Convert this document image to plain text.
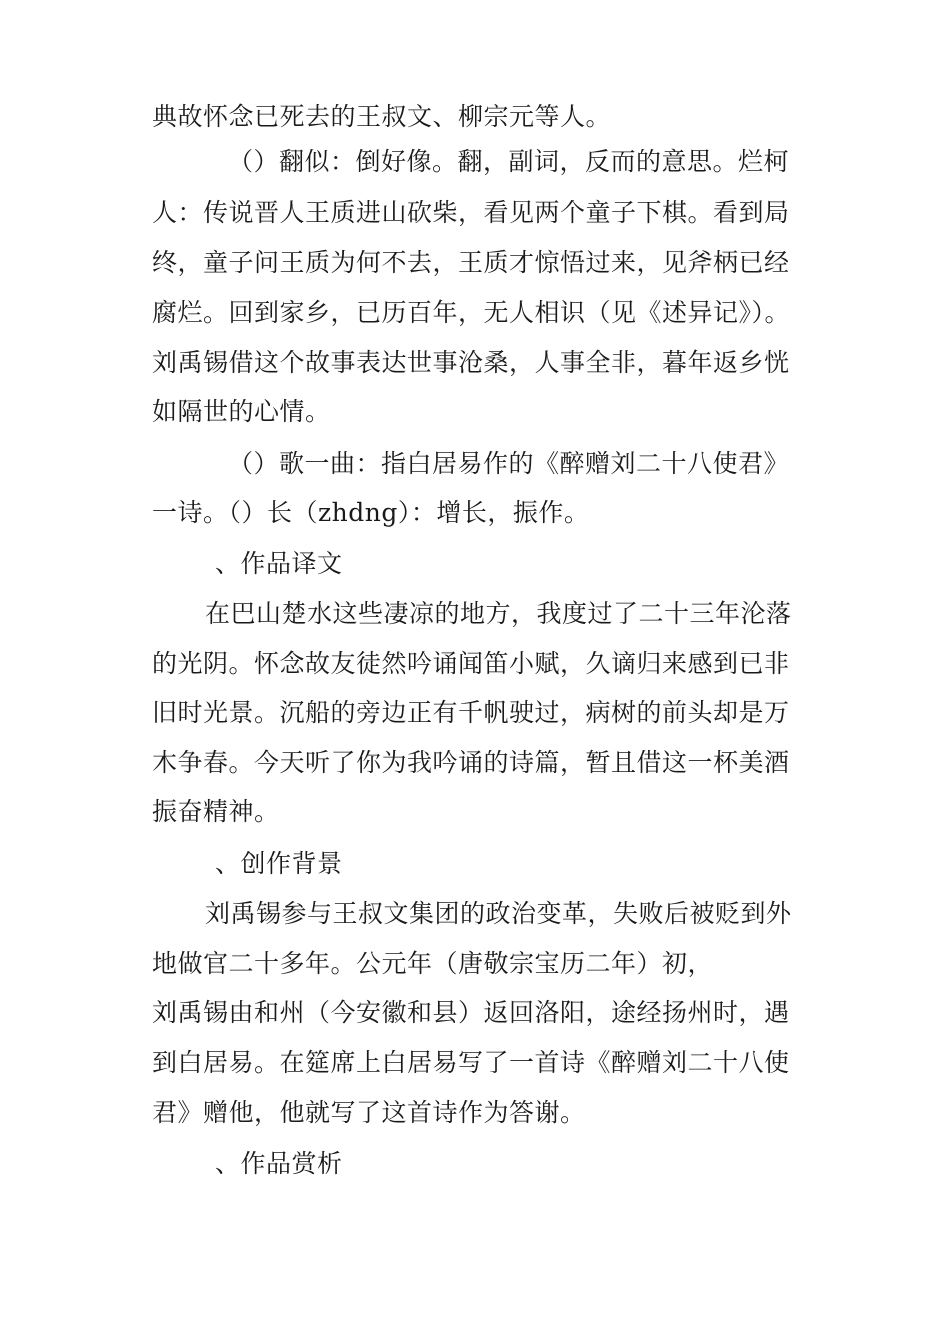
典故怀念已死去的王叔文、柳宗元等人。
（）翻似：倒好像。翻，副词，反而的意思。烂柯
人：传说晋人王质进山砍柴，看见两个童子下棋。看到局
终，童子问王质为何不去，王质才惊悟过来，见斧柄已经
腐烂。回到家乡，已历百年，无人相识（见《述异记》）。
刘禹锡借这个故事表达世事沧桑，人事全非，暮年返乡恍
如隔世的心情。
（）歌一曲：指白居易作的《醉赠刘二十八使君》
一诗。（）长（zhdng）：增长，振作。
、作品译文
在巴山楚水这些凄凉的地方，我度过了二十三年沦落
的光阴。怀念故友徒然吟诵闻笛小赋，久谪归来感到已非
旧时光景。沉船的旁边正有千帆驶过，病树的前头却是万
木争春。今天听了你为我吟诵的诗篇，暂且借这一杯美酒
振奋精神。
、创作背景
刘禹锡参与王叔文集团的政治变革，失败后被贬到外
地做官二十多年。公元年（唐敬宗宝历二年）初，
刘禹锡由和州（今安徽和县）返回洛阳，途经扬州时，遇
到白居易。在筵席上白居易写了一首诗《醉赠刘二十八使
君》赠他，他就写了这首诗作为答谢。
、作品赏析
